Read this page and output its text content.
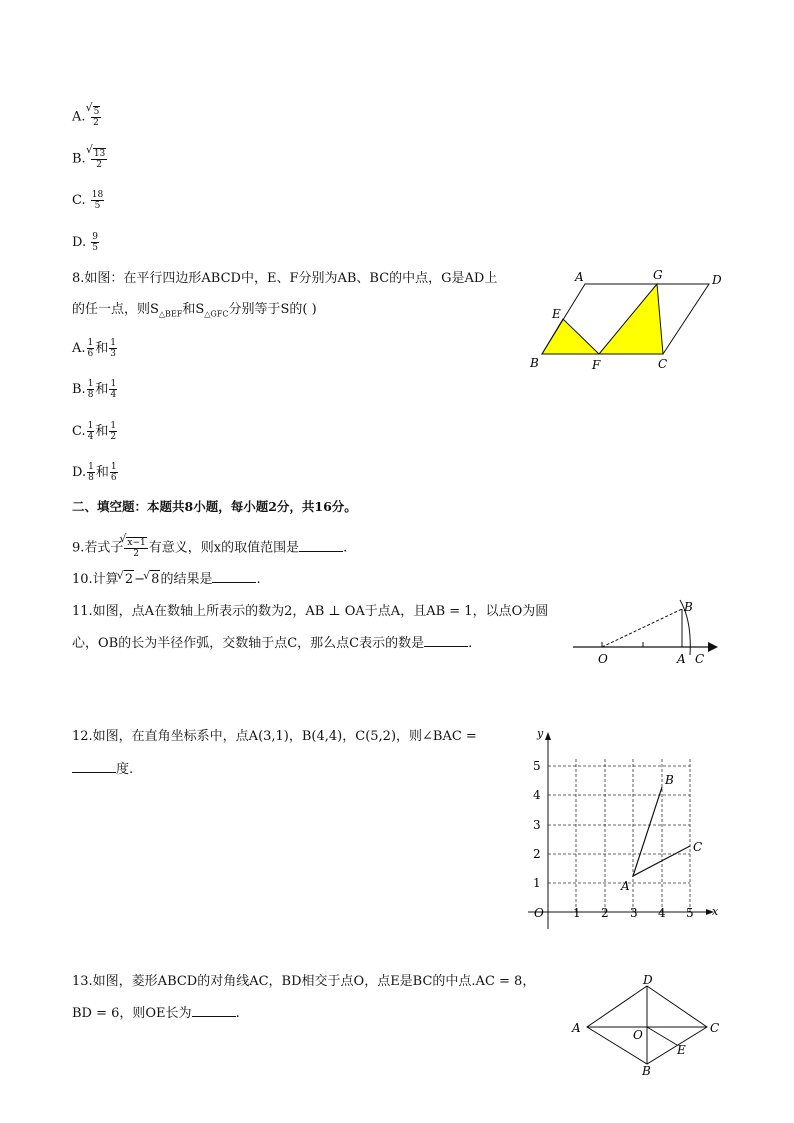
A. √ $\frac{5}{2}$
B. √ $\frac{13}{2}$
C. $\frac{18}{5}$
D. $\frac{9}{5}$
8.如图：在平行四边形ABCD中，E、F分别为AB、BC的中点，G是AD上
的任一点，则$S_{\triangle BEF}$和$S_{\triangle GFC}$分别等于S的( )
A. $\frac{1}{6}$ 和 $\frac{1}{3}$
B. $\frac{1}{8}$ 和 $\frac{1}{4}$
C. $\frac{1}{4}$ 和 $\frac{1}{2}$
D. $\frac{1}{8}$ 和 $\frac{1}{6}$
A	G	D
E
B	F	C
二、填空题：本题共8小题，每小题2分，共16分。
9.若式子 √ $\frac{x-1}{2}$ 有意义，则x的取值范围是	.
10.计算 √ 2− √ 8的结果是	.
11.如图，点A在数轴上所表示的数为2，AB ⊥ OA于点A，且AB = 1，以点O为圆
心，OB的长为半径作弧，交数轴于点C，那么点C表示的数是	.
O	A C
B
12.如图，在直角坐标系中，点A(3,1)，B(4,4)，C(5,2)，则∠BAC =
度.
y
x
O 1 2 3 4 5
1
2
3
4
5
A
B
C
13.如图，菱形ABCD的对角线AC，BD相交于点O，点E是BC的中点.AC = 8，
BD = 6，则OE长为	.
D
A	C
O
E
B
